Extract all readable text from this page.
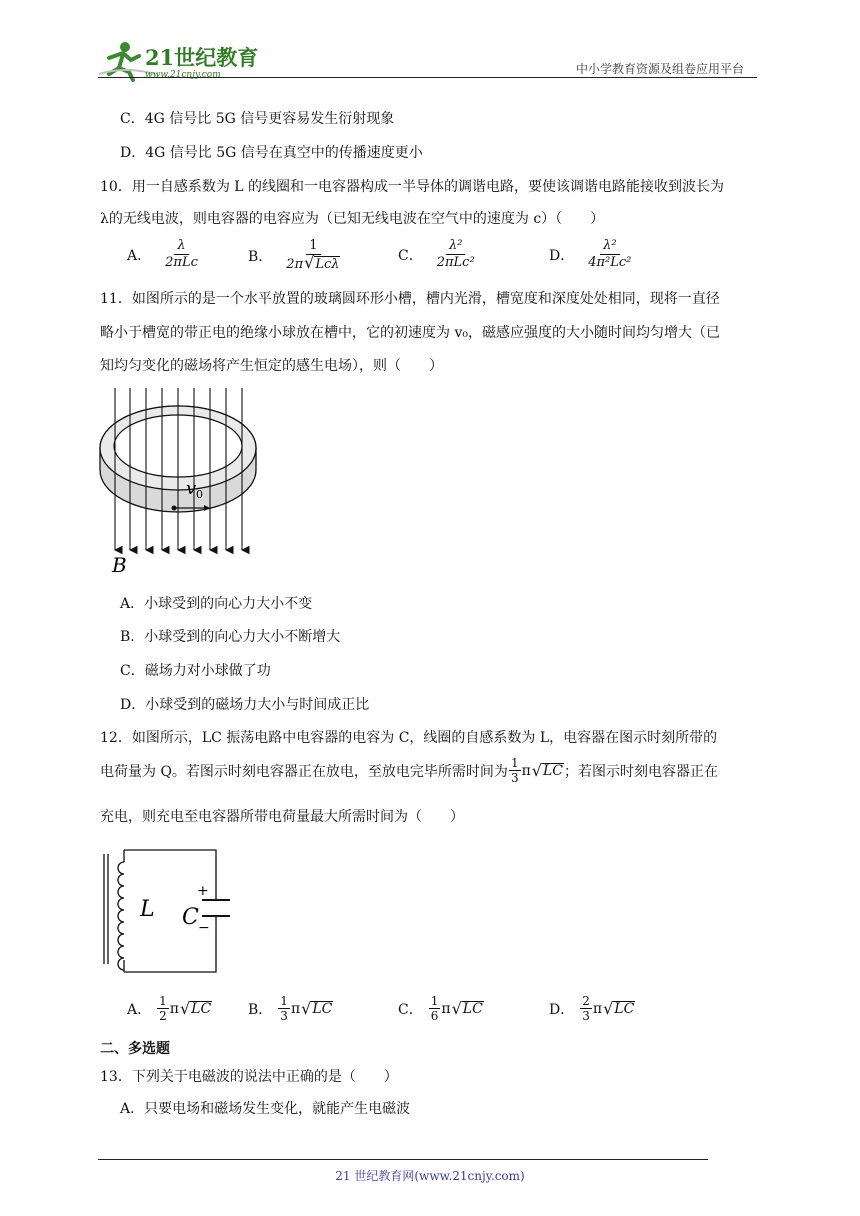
21世纪教育
www.21cnjy.com	中小学教育资源及组卷应用平台
C．4G 信号比 5G 信号更容易发生衍射现象
D．4G 信号比 5G 信号在真空中的传播速度更小
10．用一自感系数为 L 的线圈和一电容器构成一半导体的调谐电路，要使该调谐电路能接收到波长为
λ的无线电波，则电容器的电容应为（已知无线电波在空气中的速度为 c）（　　）
A． $\frac{\lambda}{\text{2πLc}}$	B． $\frac{1}{\text{2π√Lcλ}}$	C． $\frac{\text{λ²}}{\text{2πLc²}}$	D． $\frac{\text{λ²}}{\text{4π²Lc²}}$
11．如图所示的是一个水平放置的玻璃圆环形小槽，槽内光滑，槽宽度和深度处处相同，现将一直径
略小于槽宽的带正电的绝缘小球放在槽中，它的初速度为 v₀，磁感应强度的大小随时间均匀增大（已
知均匀变化的磁场将产生恒定的感生电场），则（　　）
v 0
B
A．小球受到的向心力大小不变
B．小球受到的向心力大小不断增大
C．磁场力对小球做了功
D．小球受到的磁场力大小与时间成正比
12．如图所示，LC 振荡电路中电容器的电容为 C，线圈的自感系数为 L，电容器在图示时刻所带的
电荷量为 Q。若图示时刻电容器正在放电，至放电完毕所需时间为 $\frac{1}{3}$ π √ LC ；若图示时刻电容器正在
充电，则充电至电容器所带电荷量最大所需时间为（　　）
L C
+
−
A． $\frac{1}{2}$ π √ LC	B． $\frac{1}{3}$ π √ LC	C． $\frac{1}{6}$ π √ LC	D． $\frac{2}{3}$ π √ LC
二、多选题
13．下列关于电磁波的说法中正确的是（　　）
A．只要电场和磁场发生变化，就能产生电磁波
21 世纪教育网(www.21cnjy.com)
